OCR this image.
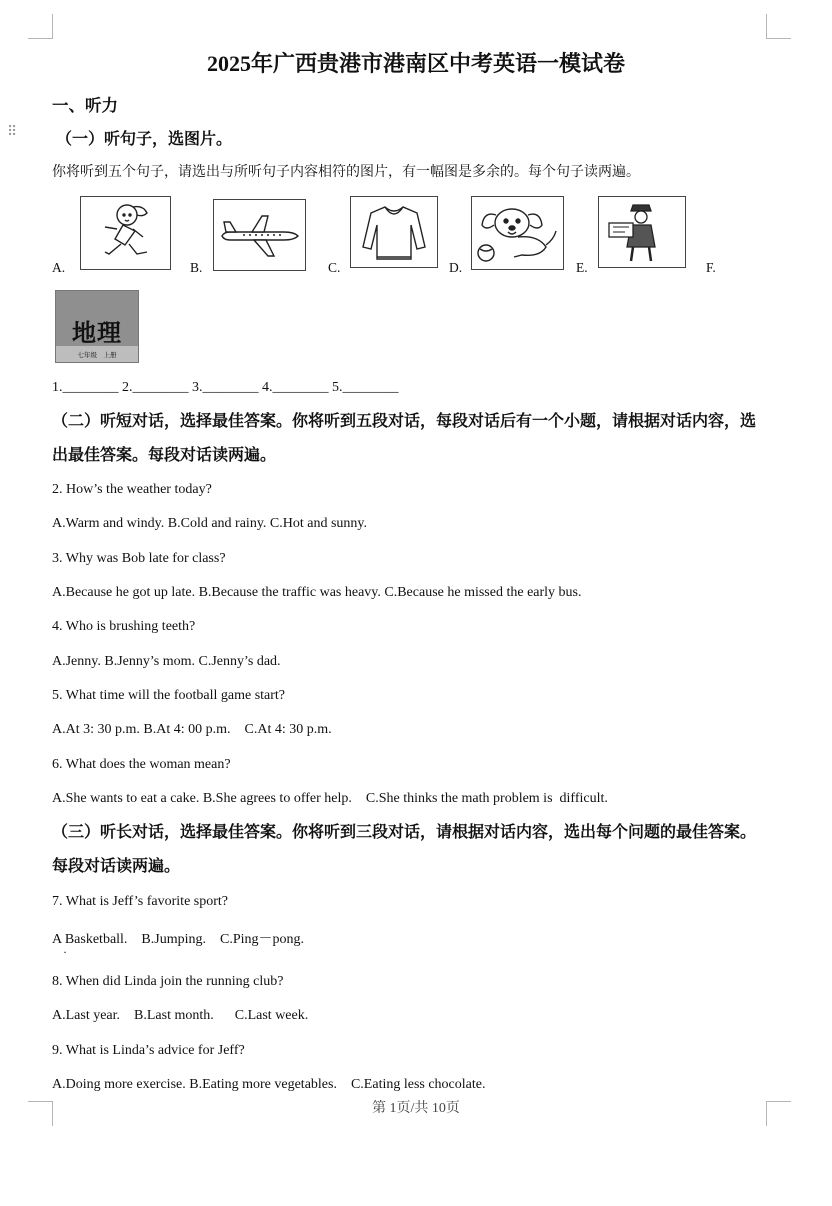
2025年广西贵港市港南区中考英语一模试卷
一、听力
⠿	（一）听句子，选图片。
你将听到五个句子，请选出与所听句子内容相符的图片，有一幅图是多余的。每个句子读两遍。
A.	B.	C.	D.	E.	F.
地理
七年级　上册
1.________ 2.________ 3.________ 4.________ 5.________
（二）听短对话，选择最佳答案。你将听到五段对话，每段对话后有一个小题，请根据对话内容，选出最佳答案。每段对话读两遍。
2. How’s the weather today?
A.Warm and windy. B.Cold and rainy. C.Hot and sunny.
3. Why was Bob late for class?
A.Because he got up late. B.Because the traffic was heavy. C.Because he missed the early bus.
4. Who is brushing teeth?
A.Jenny. B.Jenny’s mom. C.Jenny’s dad.
5. What time will the football game start?
A.At 3: 30 p.m. B.At 4: 00 p.m.    C.At 4: 30 p.m.
6. What does the woman mean?
A.She wants to eat a cake. B.She agrees to offer help.    C.She thinks the math problem is  difficult.
（三）听长对话，选择最佳答案。你将听到三段对话，请根据对话内容，选出每个问题的最佳答案。每段对话读两遍。
7. What is Jeff’s favorite sport?
A Basketball.    B.Jumping.    C.Ping－pong.
·
8. When did Linda join the running club?
A.Last year.    B.Last month.      C.Last week.
9. What is Linda’s advice for Jeff?
A.Doing more exercise. B.Eating more vegetables.    C.Eating less chocolate.
第 1页/共 10页
